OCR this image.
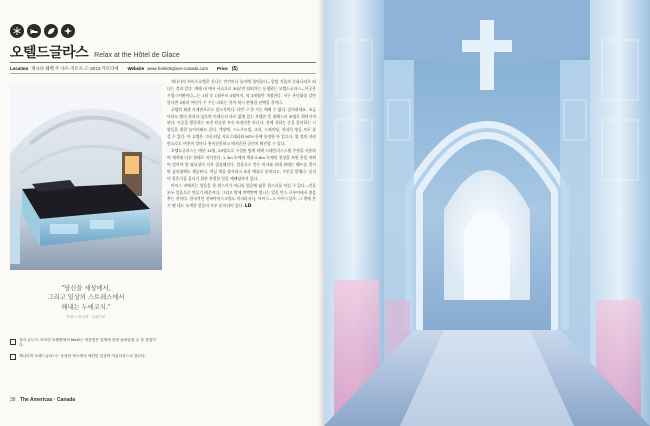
오텔드글라스 Relax at the Hôtel de Glace
Location 캐나다 퀘벡 주 샤르-지트르-드-2013-카르티에 Website www.hoteldeglace-canada.com Price ($)
"당신을 세상에서,
그리고 일상의 스트레스에서
해내는 누에코치."
프랑스 미디어 · 르피가로
상자 온도가 -5°C인 호텔방에서 Ma와는 하룻밤은 일생에 한번 돌려있을 수 한 경험이다.
캐나다의 오텔드글라스는 웅장한 북도에서 세련된 얼음의 아름다움으로 빛난다.

캐나다의 아이스호텔은 신나는 만끽이다 놀이에 경이움다—얼망 겨울의 동화나라로 떠나는 것과 같다. 매해 네 예서 사흐으로 30분만 달려가는 동생하는 오텔드글라스—이곳은 프랑스어판이다—는 1월 중 1월부터 4월까지, 약 3개월만 개정한다. 지구 온난화를 감안한다면 3월의 어딘가 수 수는 피하는 것이 역시 현명한 선택일 것이다.

호텔의 외관 사계관으로도 압도적이다. 다만 그 한 가는 매해 수 없다. 감사하세요. 조금이라도 빨리 차리다 싶으면 이제든지 바로 없애 있는 오텔은 뜻 위해스터 조명로 위여가져 된다. 이곳을 방문하는 조건 단순한 부숙 특징만은 아니다. 전에 거하는 손을 풀어하는 시람들을 위한 놀이터와도 같다. 객장에, 스노우모빌, 크리, 스케이팅, 자녀식 정들 모두 즐길 수 있다. 이 호텔은 그네 떠널 지요그래피와 MTV 등에 등장한 바 있으나, 별 정의 자원만으로도 여전이 얼마나 흥미진진하고 매서운한 곳인지 확인할 수 있다.

오텔드글라스는 매년 12월, 20명으로 구성된 팀에 의해 스테인리스스틸 주형을 사용하여 제작대 다른 형태로 지어진다. 1.3m 두께의 벽과 0.6m 두께의 천장을 보면 은밀 바뀌어 알아야 할 필요성이 더욱 절실해진다. 얼음으로 만든 의자와 침대 위에는 웰트를 깔지만 슬리핑백도 제공된다. 객실 벽을 장식하고 조각 예술로 통치되고, 쿠폰을 발행다. 심지어 결혼식을 올리기 위한 특별한 얼음 예배당까지 있다.

아이스 바에서는 얼음을 한 위스키가 아니라 얼음에 닮은 위스키를 마실 수 있다—잔을 모두 얼음으로 만들기 때문이다. 그리고 밤에 반짝반짝 빛나는 얼음 빈스 로부어에서 춤을 추는 것이다. 한국적인 진짜아이스크림도 마냐라서다, 아이스—T. 아이스상츠, 그 밖에 온기 땐 데도 오색한 얼음비 모두 준비되어 있다. LD

38 The Americas · Canada
